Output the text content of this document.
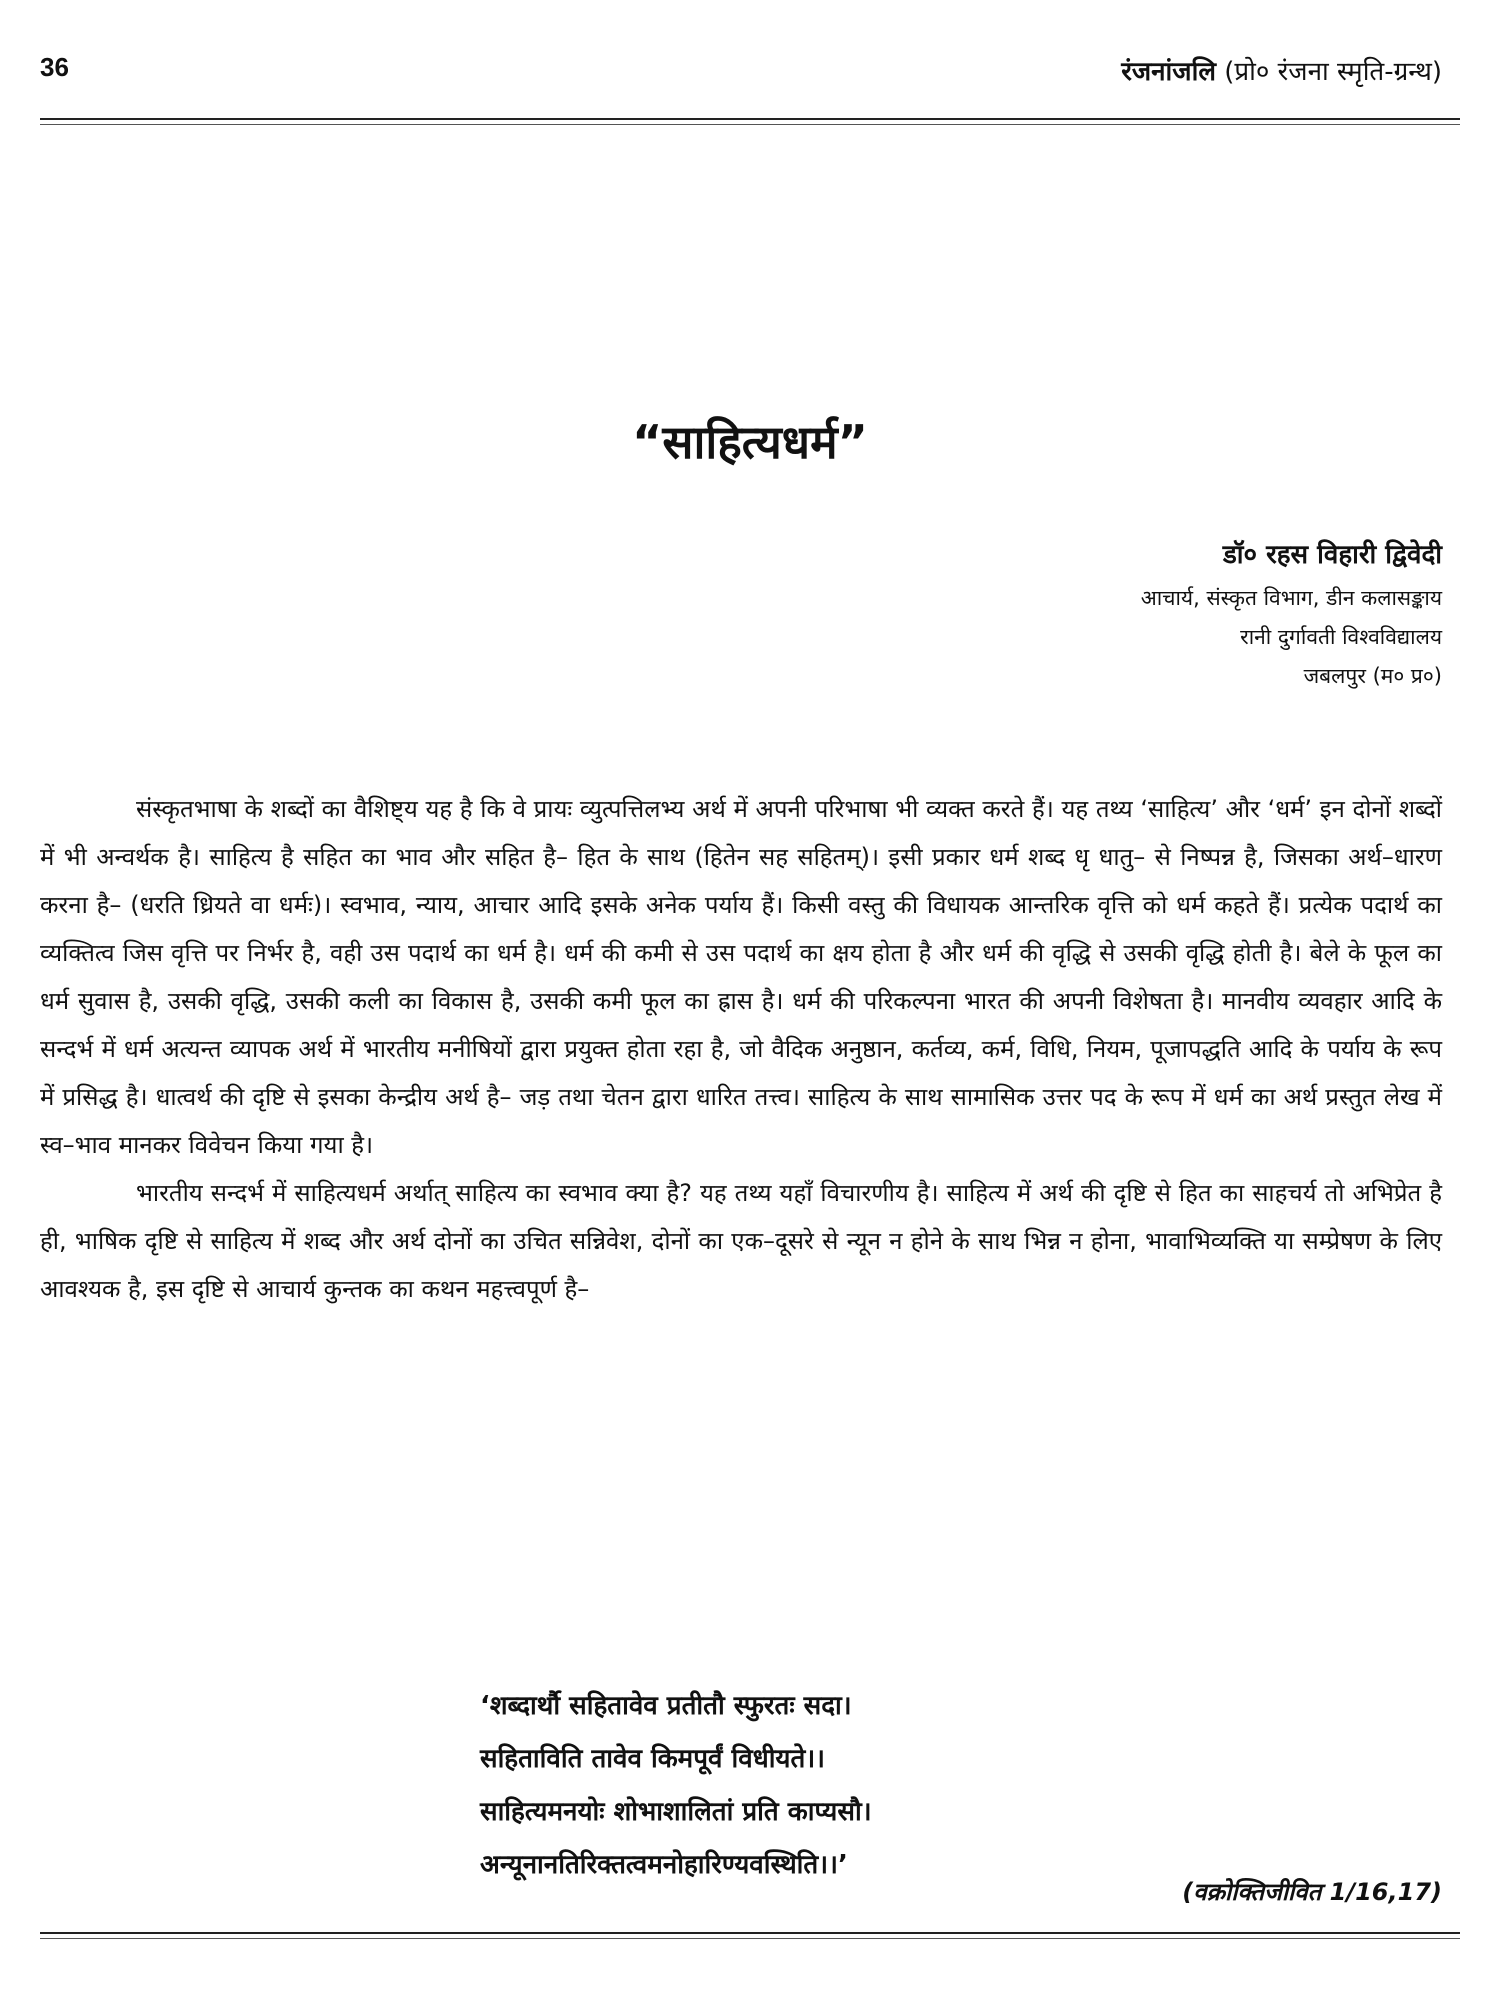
36	रंजनांजलि (प्रो० रंजना स्मृति-ग्रन्थ)
“साहित्यधर्म”
डॉ० रहस विहारी द्विवेदी
आचार्य, संस्कृत विभाग, डीन कलासङ्काय
रानी दुर्गावती विश्वविद्यालय
जबलपुर (म० प्र०)

संस्कृतभाषा के शब्दों का वैशिष्ट्य यह है कि वे प्रायः व्युत्पत्तिलभ्य अर्थ में अपनी परिभाषा भी व्यक्त करते हैं। यह तथ्य ‘साहित्य’ और ‘धर्म’ इन दोनों शब्दों में भी अन्वर्थक है। साहित्य है सहित का भाव और सहित है– हित के साथ (हितेन सह सहितम्)। इसी प्रकार धर्म शब्द धृ धातु– से निष्पन्न है, जिसका अर्थ–धारण करना है– (धरति ध्रियते वा धर्मः)। स्वभाव, न्याय, आचार आदि इसके अनेक पर्याय हैं। किसी वस्तु की विधायक आन्तरिक वृत्ति को धर्म कहते हैं। प्रत्येक पदार्थ का व्यक्तित्व जिस वृत्ति पर निर्भर है, वही उस पदार्थ का धर्म है। धर्म की कमी से उस पदार्थ का क्षय होता है और धर्म की वृद्धि से उसकी वृद्धि होती है। बेले के फूल का धर्म सुवास है, उसकी वृद्धि, उसकी कली का विकास है, उसकी कमी फूल का ह्रास है। धर्म की परिकल्पना भारत की अपनी विशेषता है। मानवीय व्यवहार आदि के सन्दर्भ में धर्म अत्यन्त व्यापक अर्थ में भारतीय मनीषियों द्वारा प्रयुक्त होता रहा है, जो वैदिक अनुष्ठान, कर्तव्य, कर्म, विधि, नियम, पूजापद्धति आदि के पर्याय के रूप में प्रसिद्ध है। धात्वर्थ की दृष्टि से इसका केन्द्रीय अर्थ है– जड़ तथा चेतन द्वारा धारित तत्त्व। साहित्य के साथ सामासिक उत्तर पद के रूप में धर्म का अर्थ प्रस्तुत लेख में स्व–भाव मानकर विवेचन किया गया है।

भारतीय सन्दर्भ में साहित्यधर्म अर्थात् साहित्य का स्वभाव क्या है? यह तथ्य यहाँ विचारणीय है। साहित्य में अर्थ की दृष्टि से हित का साहचर्य तो अभिप्रेत है ही, भाषिक दृष्टि से साहित्य में शब्द और अर्थ दोनों का उचित सन्निवेश, दोनों का एक–दूसरे से न्यून न होने के साथ भिन्न न होना, भावाभिव्यक्ति या सम्प्रेषण के लिए आवश्यक है, इस दृष्टि से आचार्य कुन्तक का कथन महत्त्वपूर्ण है–

‘शब्दार्थौ सहितावेव प्रतीतौ स्फुरतः सदा।
सहिताविति तावेव किमपूर्वं विधीयते।।
साहित्यमनयोः शोभाशालितां प्रति काप्यसौ।
अन्यूनानतिरिक्तत्वमनोहारिण्यवस्थिति।।’
(वक्रोक्तिजीवित 1/16,17)
